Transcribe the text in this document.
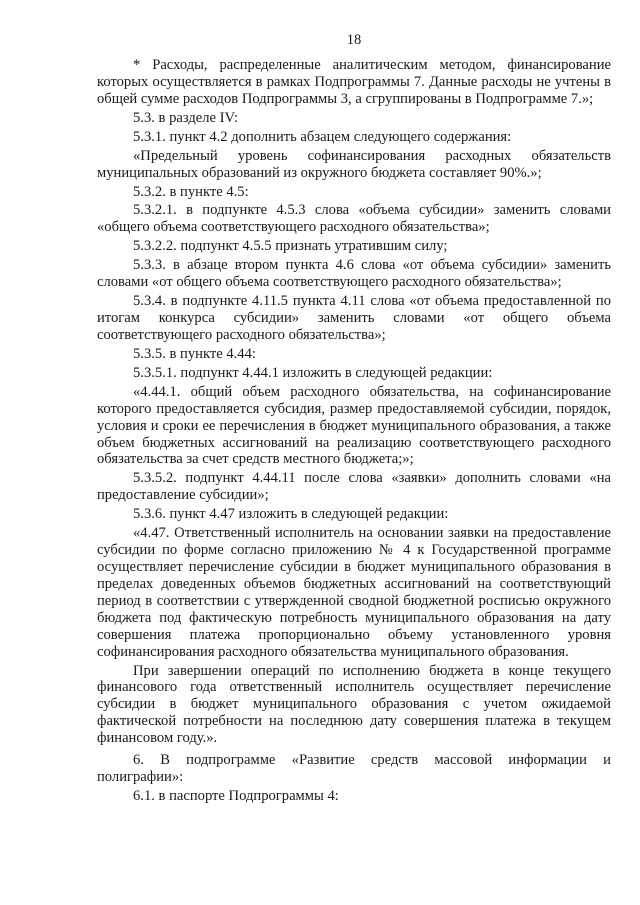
18

* Расходы, распределенные аналитическим методом, финансирование которых осуществляется в рамках Подпрограммы 7. Данные расходы не учтены в общей сумме расходов Подпрограммы 3, а сгруппированы в Подпрограмме 7.»;

5.3. в разделе IV:

5.3.1. пункт 4.2 дополнить абзацем следующего содержания:

«Предельный уровень софинансирования расходных обязательств муниципальных образований из окружного бюджета составляет 90%.»;

5.3.2. в пункте 4.5:

5.3.2.1. в подпункте 4.5.3 слова «объема субсидии» заменить словами «общего объема соответствующего расходного обязательства»;

5.3.2.2. подпункт 4.5.5 признать утратившим силу;

5.3.3. в абзаце втором пункта 4.6 слова «от объема субсидии» заменить словами «от общего объема соответствующего расходного обязательства»;

5.3.4. в подпункте 4.11.5 пункта 4.11 слова «от объема предоставленной по итогам конкурса субсидии» заменить словами «от общего объема соответствующего расходного обязательства»;

5.3.5. в пункте 4.44:

5.3.5.1. подпункт 4.44.1 изложить в следующей редакции:

«4.44.1. общий объем расходного обязательства, на софинансирование которого предоставляется субсидия, размер предоставляемой субсидии, порядок, условия и сроки ее перечисления в бюджет муниципального образования, а также объем бюджетных ассигнований на реализацию соответствующего расходного обязательства за счет средств местного бюджета;»;

5.3.5.2. подпункт 4.44.11 после слова «заявки» дополнить словами «на предоставление субсидии»;

5.3.6. пункт 4.47 изложить в следующей редакции:

«4.47. Ответственный исполнитель на основании заявки на предоставление субсидии по форме согласно приложению № 4 к Государственной программе осуществляет перечисление субсидии в бюджет муниципального образования в пределах доведенных объемов бюджетных ассигнований на соответствующий период в соответствии с утвержденной сводной бюджетной росписью окружного бюджета под фактическую потребность муниципального образования на дату совершения платежа пропорционально объему установленного уровня софинансирования расходного обязательства муниципального образования.

При завершении операций по исполнению бюджета в конце текущего финансового года ответственный исполнитель осуществляет перечисление субсидии в бюджет муниципального образования с учетом ожидаемой фактической потребности на последнюю дату совершения платежа в текущем финансовом году.».

6. В подпрограмме «Развитие средств массовой информации и полиграфии»:

6.1. в паспорте Подпрограммы 4:
